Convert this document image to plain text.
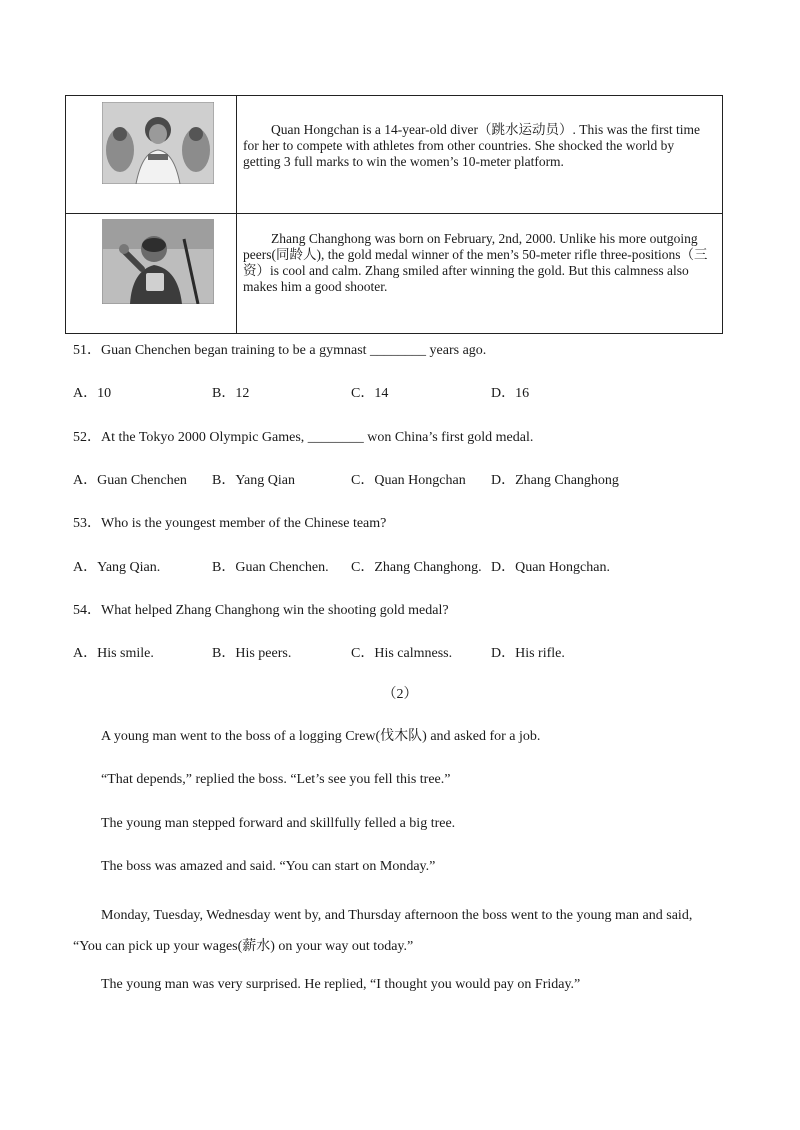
Quan Hongchan is a 14-year-old diver（跳水运动员）. This was the first time for her to compete with athletes from other countries. She shocked the world by getting 3 full marks to win the women’s 10-meter platform.

Zhang Changhong was born on February, 2nd, 2000. Unlike his more outgoing peers(同龄人), the gold medal winner of the men’s 50-meter rifle three-positions（三资）is cool and calm. Zhang smiled after winning the gold. But this calmness also makes him a good shooter.

51．Guan Chenchen began training to be a gymnast ________ years ago.

A．10	B．12	C．14	D．16

52．At the Tokyo 2000 Olympic Games, ________ won China’s first gold medal.

A．Guan Chenchen B．Yang Qian	C．Quan Hongchan D．Zhang Changhong

53．Who is the youngest member of the Chinese team?

A．Yang Qian.	B．Guan Chenchen. C．Zhang Changhong. D．Quan Hongchan.

54．What helped Zhang Changhong win the shooting gold medal?

A．His smile.	B．His peers.	C．His calmness.	D．His rifle.
（2）

A young man went to the boss of a logging Crew(伐木队) and asked for a job.

“That depends,” replied the boss. “Let’s see you fell this tree.”

The young man stepped forward and skillfully felled a big tree.

The boss was amazed and said. “You can start on Monday.”

Monday, Tuesday, Wednesday went by, and Thursday afternoon the boss went to the young man and said, “You can pick up your wages(薪水) on your way out today.”

The young man was very surprised. He replied, “I thought you would pay on Friday.”
